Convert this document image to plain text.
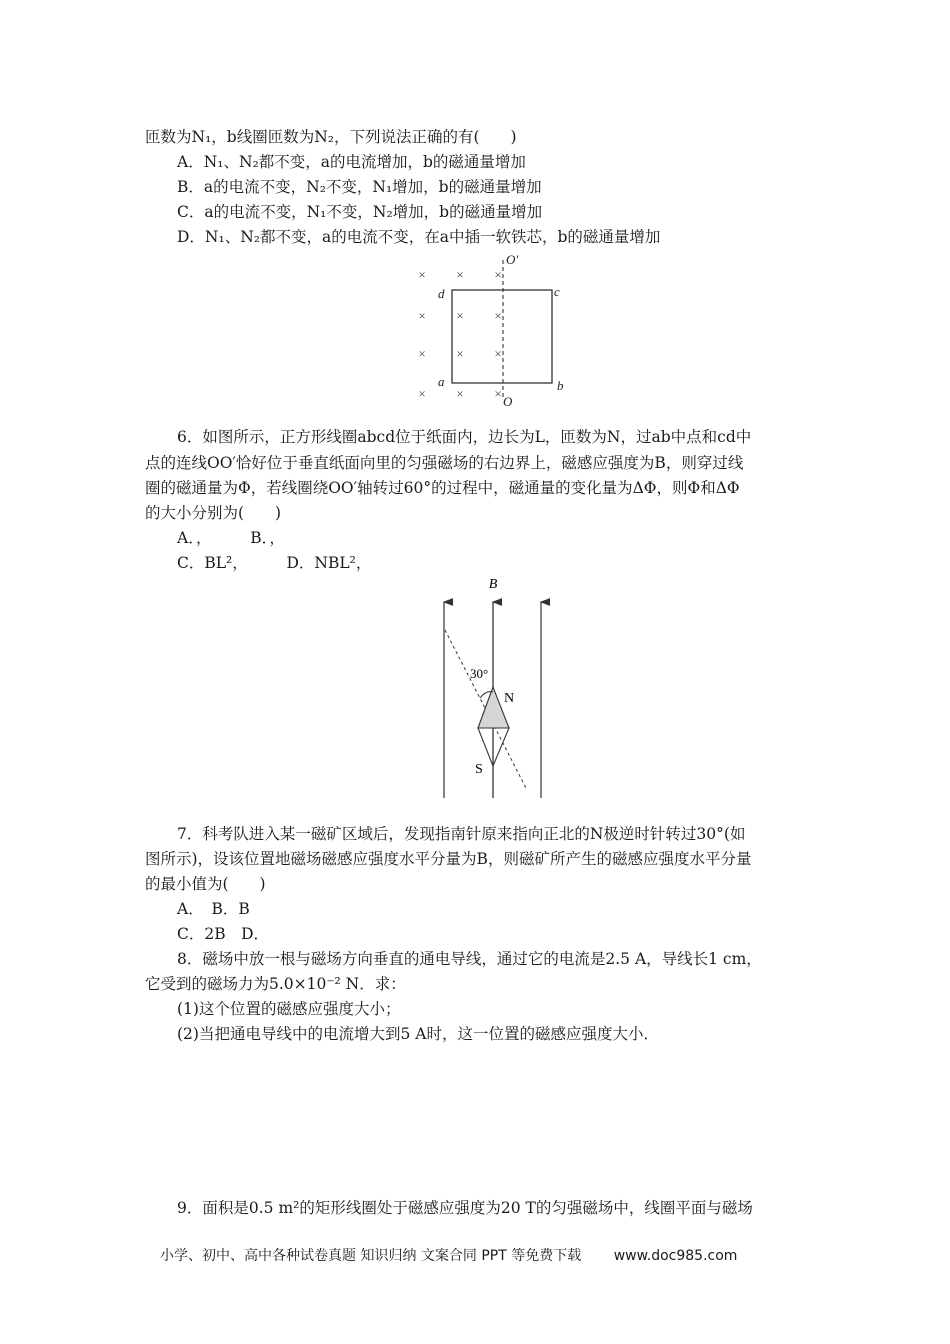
匝数为N₁，b线圈匝数为N₂，下列说法正确的有(　　)
A．N₁、N₂都不变，a的电流增加，b的磁通量增加
B．a的电流不变，N₂不变，N₁增加，b的磁通量增加
C．a的电流不变，N₁不变，N₂增加，b的磁通量增加
D．N₁、N₂都不变，a的电流不变，在a中插一软铁芯，b的磁通量增加
× × ×
× × ×
× × ×
× × ×
O′
d	c
a	b
O
6．如图所示，正方形线圈abcd位于纸面内，边长为L，匝数为N，过ab中点和cd中
点的连线OO′恰好位于垂直纸面向里的匀强磁场的右边界上，磁感应强度为B，则穿过线
圈的磁通量为Φ，若线圈绕OO′轴转过60°的过程中，磁通量的变化量为ΔΦ，则Φ和ΔΦ
的大小分别为(　　)
A．，　　　B．，
C．BL²，　　　D．NBL²，
B
30°
N
S
7．科考队进入某一磁矿区域后，发现指南针原来指向正北的N极逆时针转过30°(如
图所示)，设该位置地磁场磁感应强度水平分量为B，则磁矿所产生的磁感应强度水平分量
的最小值为(　　)
A．　B．B
C．2B　D．
8．磁场中放一根与磁场方向垂直的通电导线，通过它的电流是2.5 A，导线长1 cm，
它受到的磁场力为5.0×10⁻² N．求：
(1)这个位置的磁感应强度大小；
(2)当把通电导线中的电流增大到5 A时，这一位置的磁感应强度大小．
9．面积是0.5 m²的矩形线圈处于磁感应强度为20 T的匀强磁场中，线圈平面与磁场
小学、初中、高中各种试卷真题 知识归纳 文案合同 PPT 等免费下载 www.doc985.com
